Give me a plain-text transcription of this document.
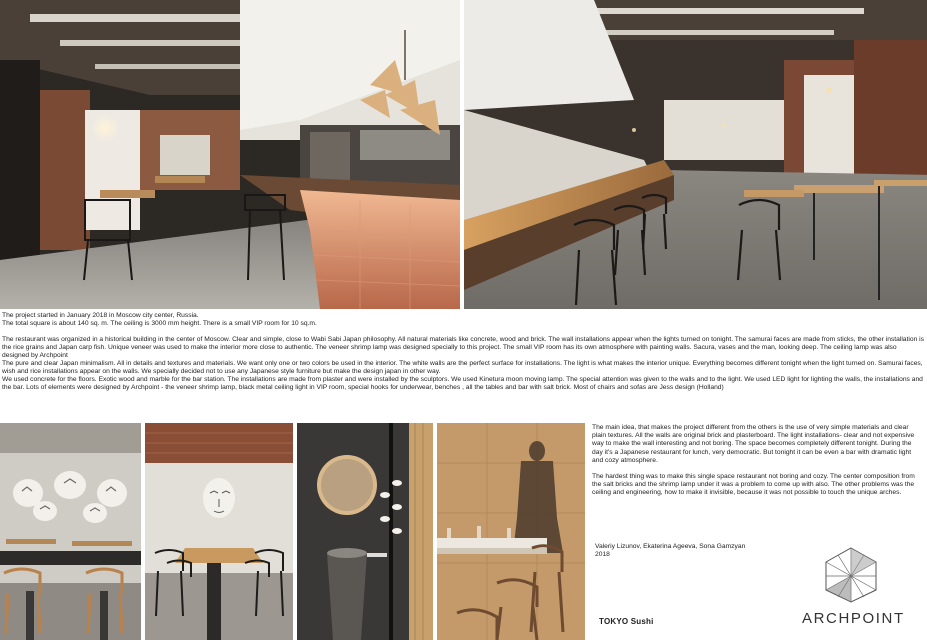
The project started in January 2018 in Moscow city center, Russia.

The total square is about 140 sq. m. The ceiling is 3000 mm height. There is a small VIP room for 10 sq.m.

The restaurant was organized in a historical building in the center of Moscow. Clear and simple, close to Wabi Sabi Japan philosophy. All natural materials like concrete, wood and brick. The wall installations appear when the lights turned on tonight. The samurai faces are made from sticks, the other installation is the rice grains and Japan carp fish. Unique veneer was used to make the interior more close to authentic. The veneer shrimp lamp was designed specially to this project. The small VIP room has its own atmosphere with painting walls. Sacura, vases and the man, looking deep. The ceiling lamp was also designed by Archpoint

The pure and clear Japan minimalism. All in details and textures and materials. We want only one or two colors be used in the interior. The white walls are the perfect surface for installations. The light is what makes the interior unique. Everything becomes different tonight when the light turned on. Samurai faces, wish and rice installations appear on the walls. We specially decided not to use any Japanese style furniture but make the design japan in other way.

We used concrete for the floors. Exotic wood and marble for the bar station. The installations are made from plaster and were installed by the sculptors. We used Kinetura moon moving lamp. The special attention was given to the walls and to the light. We used LED light for lighting the walls, the installations and the bar. Lots of elements were designed by Archpoint - the veneer shrimp lamp, black metal ceiling light in VIP room, special hooks for underwear, benches , all the tables and bar with salt brick. Most of chairs and sofas are Jess design (Holland)

The main idea, that makes the project different from the others is the use of very simple materials and clear plain textures. All the walls are original brick and plasterboard. The light installations- clear and not expensive way to make the wall interesting and not boring. The space becomes completely different tonight. During the day it's a Japanese restaurant for lunch, very democratic. But tonight it can be even a bar with dramatic light and cozy atmosphere.

The hardest thing was to make this single space restaurant not boring and cozy. The center composition from the salt bricks and the shrimp lamp under it was a problem to come up with also. The other problems was the ceiling and engineering, how to make it invisible, because it was not possible to touch the unique arches.

Valeriy Lizunov, Ekaterina Ageeva, Sona Gamzyan
2018
TOKYO Sushi	ARCHPOINT
